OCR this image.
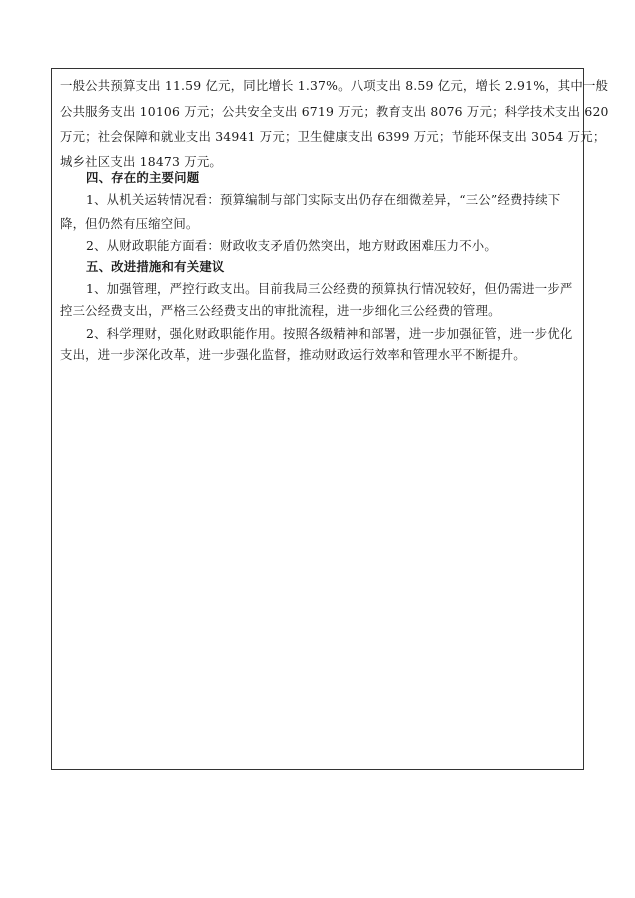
一般公共预算支出 11.59 亿元，同比增长 1.37%。八项支出 8.59 亿元，增长 2.91%，其中一般
公共服务支出 10106 万元；公共安全支出 6719 万元；教育支出 8076 万元；科学技术支出 620
万元；社会保障和就业支出 34941 万元；卫生健康支出 6399 万元；节能环保支出 3054 万元；
城乡社区支出 18473 万元。
四、存在的主要问题
1、从机关运转情况看：预算编制与部门实际支出仍存在细微差异，“三公”经费持续下
降，但仍然有压缩空间。
2、从财政职能方面看：财政收支矛盾仍然突出，地方财政困难压力不小。
五、改进措施和有关建议
1、加强管理，严控行政支出。目前我局三公经费的预算执行情况较好，但仍需进一步严
控三公经费支出，严格三公经费支出的审批流程，进一步细化三公经费的管理。
2、科学理财，强化财政职能作用。按照各级精神和部署，进一步加强征管，进一步优化
支出，进一步深化改革，进一步强化监督，推动财政运行效率和管理水平不断提升。
